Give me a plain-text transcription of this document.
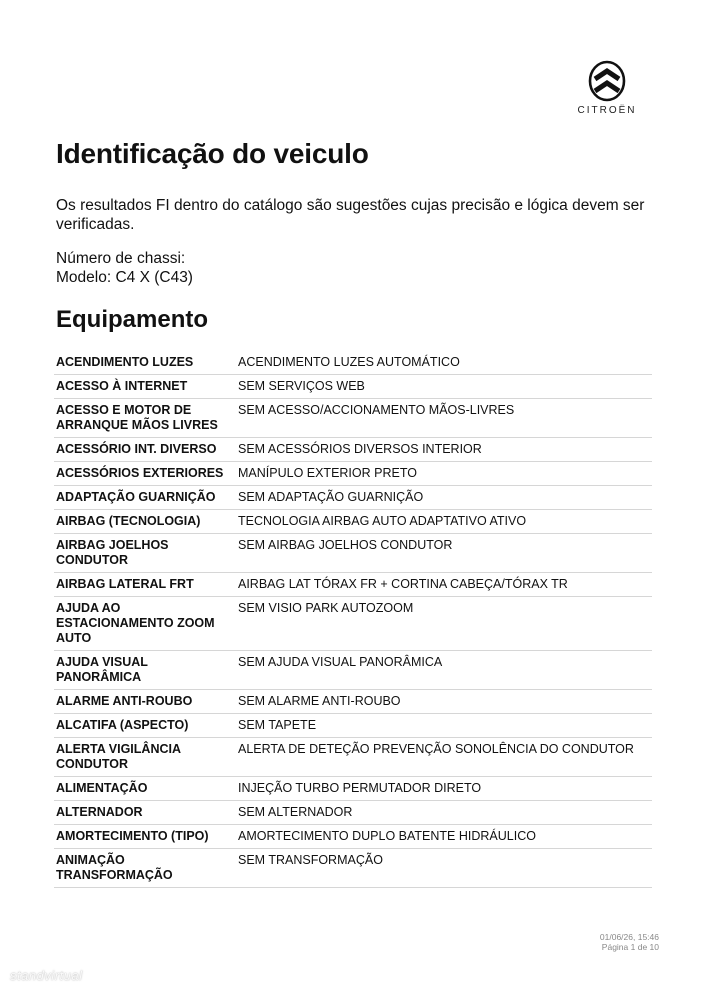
CITROËN
Identificação do veiculo

Os resultados FI dentro do catálogo são sugestões cujas precisão e lógica devem ser verificadas.

Número de chassi:
Modelo: C4 X (C43)
Equipamento
ACENDIMENTO LUZES	ACENDIMENTO LUZES AUTOMÁTICO
ACESSO À INTERNET	SEM SERVIÇOS WEB
ACESSO E MOTOR DE ARRANQUE MÃOS LIVRES	SEM ACESSO/ACCIONAMENTO MÃOS-LIVRES
ACESSÓRIO INT. DIVERSO	SEM ACESSÓRIOS DIVERSOS INTERIOR
ACESSÓRIOS EXTERIORES	MANÍPULO EXTERIOR PRETO
ADAPTAÇÃO GUARNIÇÃO	SEM ADAPTAÇÃO GUARNIÇÃO
AIRBAG (TECNOLOGIA)	TECNOLOGIA AIRBAG AUTO ADAPTATIVO ATIVO
AIRBAG JOELHOS CONDUTOR	SEM AIRBAG JOELHOS CONDUTOR
AIRBAG LATERAL FRT	AIRBAG LAT TÓRAX FR + CORTINA CABEÇA/TÓRAX TR
AJUDA AO ESTACIONAMENTO ZOOM AUTO	SEM VISIO PARK AUTOZOOM
AJUDA VISUAL PANORÂMICA	SEM AJUDA VISUAL PANORÂMICA
ALARME ANTI-ROUBO	SEM ALARME ANTI-ROUBO
ALCATIFA (ASPECTO)	SEM TAPETE
ALERTA VIGILÂNCIA CONDUTOR	ALERTA DE DETEÇÃO PREVENÇÃO SONOLÊNCIA DO CONDUTOR
ALIMENTAÇÃO	INJEÇÃO TURBO PERMUTADOR DIRETO
ALTERNADOR	SEM ALTERNADOR
AMORTECIMENTO (TIPO)	AMORTECIMENTO DUPLO BATENTE HIDRÁULICO
ANIMAÇÃO TRANSFORMAÇÃO	SEM TRANSFORMAÇÃO
01/06/26, 15:46
Página 1 de 10
standvirtual
